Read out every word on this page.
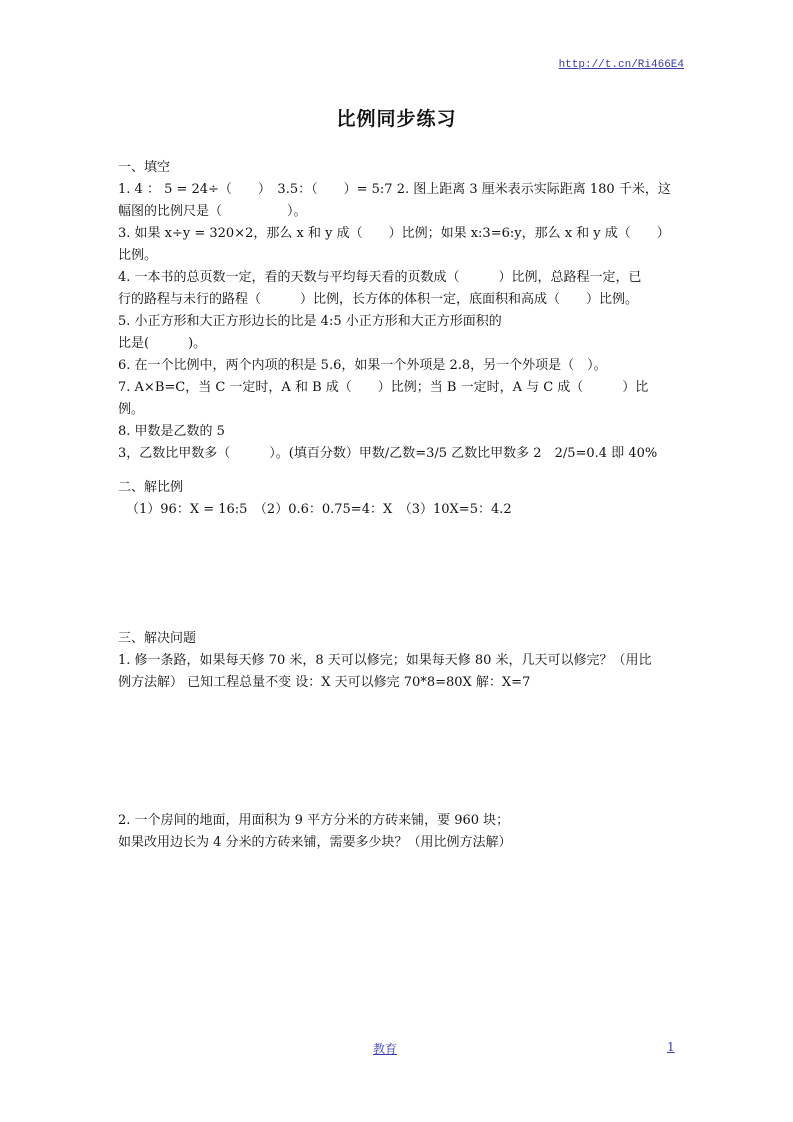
http://t.cn/Ri466E4
比例同步练习

一、填空

1. 4 ： 5 = 24÷（　　）　3.5：（　　）= 5:7 2. 图上距离 3 厘米表示实际距离 180 千米，这

幅图的比例尺是（　　　　　）。

3. 如果 x÷y = 320×2，那么 x 和 y 成（　　）比例；如果 x:3=6:y，那么 x 和 y 成（　　）

比例。

4. 一本书的总页数一定，看的天数与平均每天看的页数成（　　　）比例，总路程一定，已

行的路程与未行的路程（　　　）比例，长方体的体积一定，底面积和高成（　　）比例。

5. 小正方形和大正方形边长的比是 4:5 小正方形和大正方形面积的

比是(　　　)。

6. 在一个比例中，两个内项的积是 5.6，如果一个外项是 2.8，另一个外项是（　）。

7. A×B=C，当 C 一定时，A 和 B 成（　　）比例；当 B 一定时，A 与 C 成（　　　）比

例。

8. 甲数是乙数的 5

3，乙数比甲数多（　　　）。(填百分数）甲数/乙数=3/5 乙数比甲数多 2　2/5=0.4 即 40%

二、解比例

（1）96：X = 16:5　（2）0.6：0.75=4：X　（3）10X=5：4.2

三、解决问题

1. 修一条路，如果每天修 70 米，8 天可以修完；如果每天修 80 米，几天可以修完？（用比

例方法解） 已知工程总量不变 设：X 天可以修完 70*8=80X 解：X=7

2. 一个房间的地面，用面积为 9 平方分米的方砖来铺，要 960 块；

如果改用边长为 4 分米的方砖来铺，需要多少块？（用比例方法解）

教育	1
